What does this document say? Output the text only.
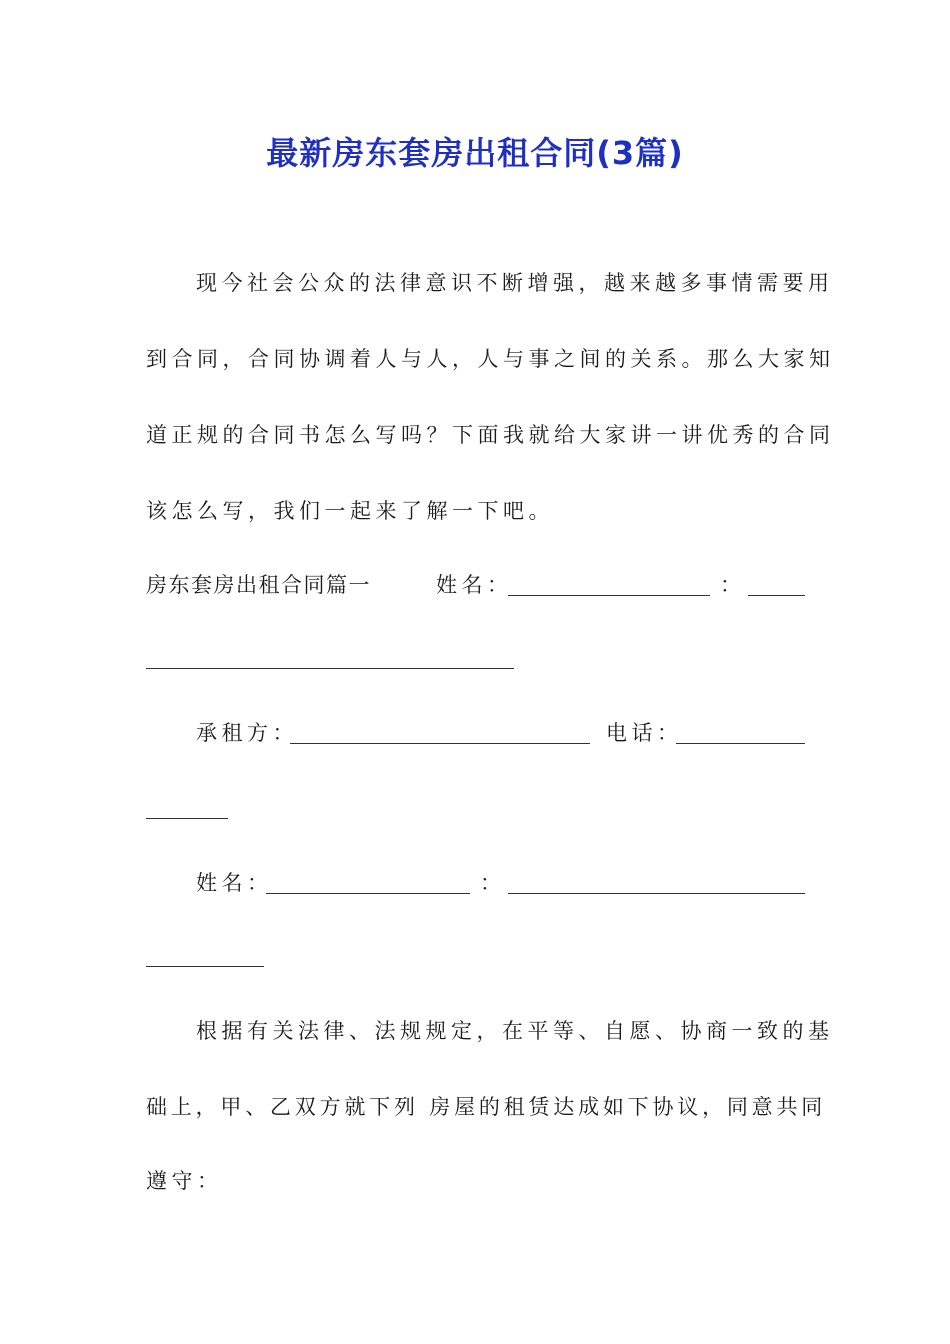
最新房东套房出租合同(3篇)
现今社会公众的法律意识不断增强，越来越多事情需要用
到合同，合同协调着人与人，人与事之间的关系。那么大家知
道正规的合同书怎么写吗？下面我就给大家讲一讲优秀的合同
该怎么写，我们一起来了解一下吧。
房东套房出租合同篇一	姓名：	：
承租方：	电话：
姓名：	：
根据有关法律、法规规定，在平等、自愿、协商一致的基
础上，甲、乙双方就下列 房屋的租赁达成如下协议，同意共同
遵守：
